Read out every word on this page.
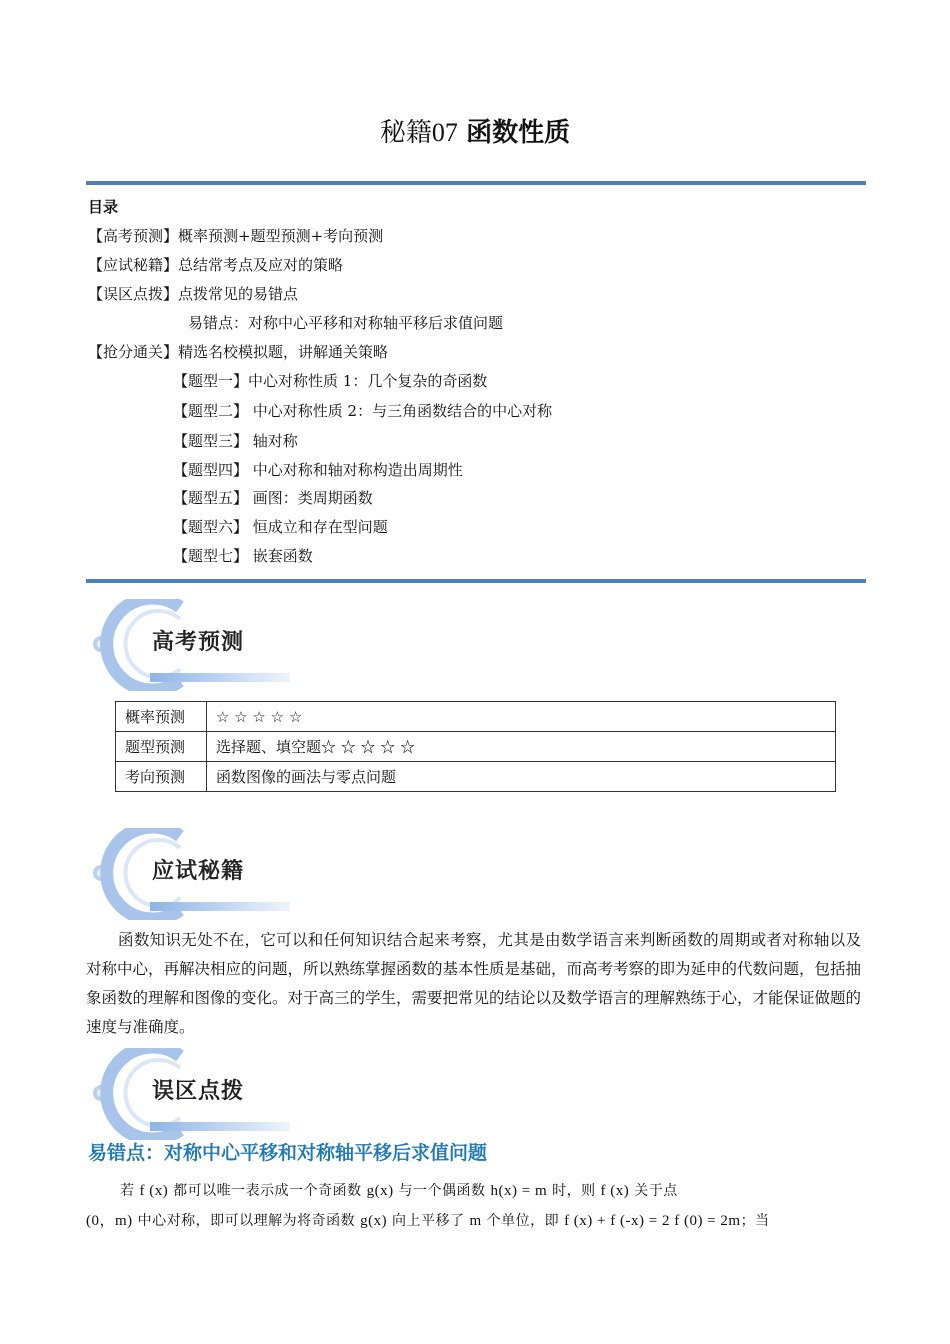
秘籍07 函数性质
目录
【高考预测】概率预测+题型预测+考向预测
【应试秘籍】总结常考点及应对的策略
【误区点拨】点拨常见的易错点
易错点：对称中心平移和对称轴平移后求值问题
【抢分通关】精选名校模拟题，讲解通关策略
【题型一】中心对称性质 1：几个复杂的奇函数
【题型二】 中心对称性质 2：与三角函数结合的中心对称
【题型三】 轴对称
【题型四】 中心对称和轴对称构造出周期性
【题型五】 画图：类周期函数
【题型六】 恒成立和存在型问题
【题型七】 嵌套函数
高考预测
概率预测	☆ ☆ ☆ ☆ ☆
题型预测	选择题、填空题☆ ☆ ☆ ☆ ☆
考向预测	函数图像的画法与零点问题
应试秘籍
函数知识无处不在，它可以和任何知识结合起来考察，尤其是由数学语言来判断函数的周期或者对称轴以及对称中心，再解决相应的问题，所以熟练掌握函数的基本性质是基础，而高考考察的即为延申的代数问题，包括抽象函数的理解和图像的变化。对于高三的学生，需要把常见的结论以及数学语言的理解熟练于心，才能保证做题的速度与准确度。
误区点拨
易错点：对称中心平移和对称轴平移后求值问题
若 f (x) 都可以唯一表示成一个奇函数 g(x) 与一个偶函数 h(x) = m 时，则 f (x) 关于点
(0，m) 中心对称，即可以理解为将奇函数 g(x) 向上平移了 m 个单位，即 f (x) + f (-x) = 2 f (0) = 2m；当
